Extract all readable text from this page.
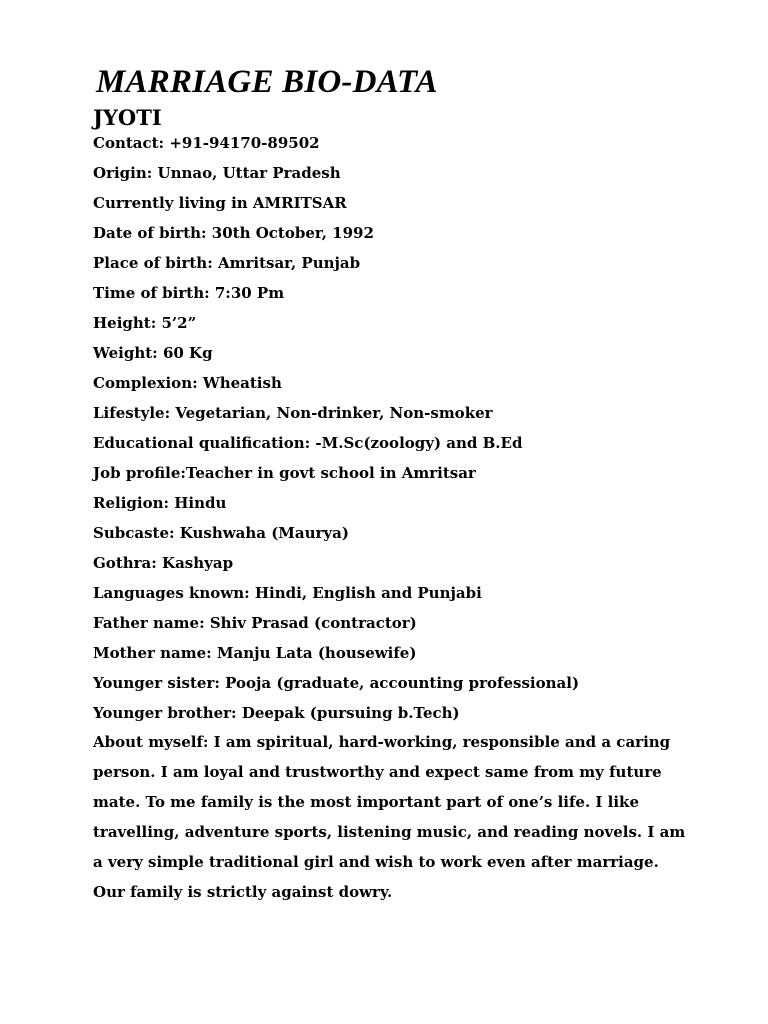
MARRIAGE BIO-DATA
JYOTI
Contact: +91-94170-89502
Origin: Unnao, Uttar Pradesh
Currently living in AMRITSAR
Date of birth: 30th October, 1992
Place of birth: Amritsar, Punjab
Time of birth: 7:30 Pm
Height: 5’2”
Weight: 60 Kg
Complexion: Wheatish
Lifestyle: Vegetarian, Non-drinker, Non-smoker
Educational qualification: -M.Sc(zoology) and B.Ed
Job profile:Teacher in govt school in Amritsar
Religion: Hindu
Subcaste: Kushwaha (Maurya)
Gothra: Kashyap
Languages known: Hindi, English and Punjabi
Father name: Shiv Prasad (contractor)
Mother name: Manju Lata (housewife)
Younger sister: Pooja (graduate, accounting professional)
Younger brother: Deepak (pursuing b.Tech)

About myself: I am spiritual, hard-working, responsible and a caring person. I am loyal and trustworthy and expect same from my future mate. To me family is the most important part of one’s life. I like travelling, adventure sports, listening music, and reading novels. I am a very simple traditional girl and wish to work even after marriage. Our family is strictly against dowry.
